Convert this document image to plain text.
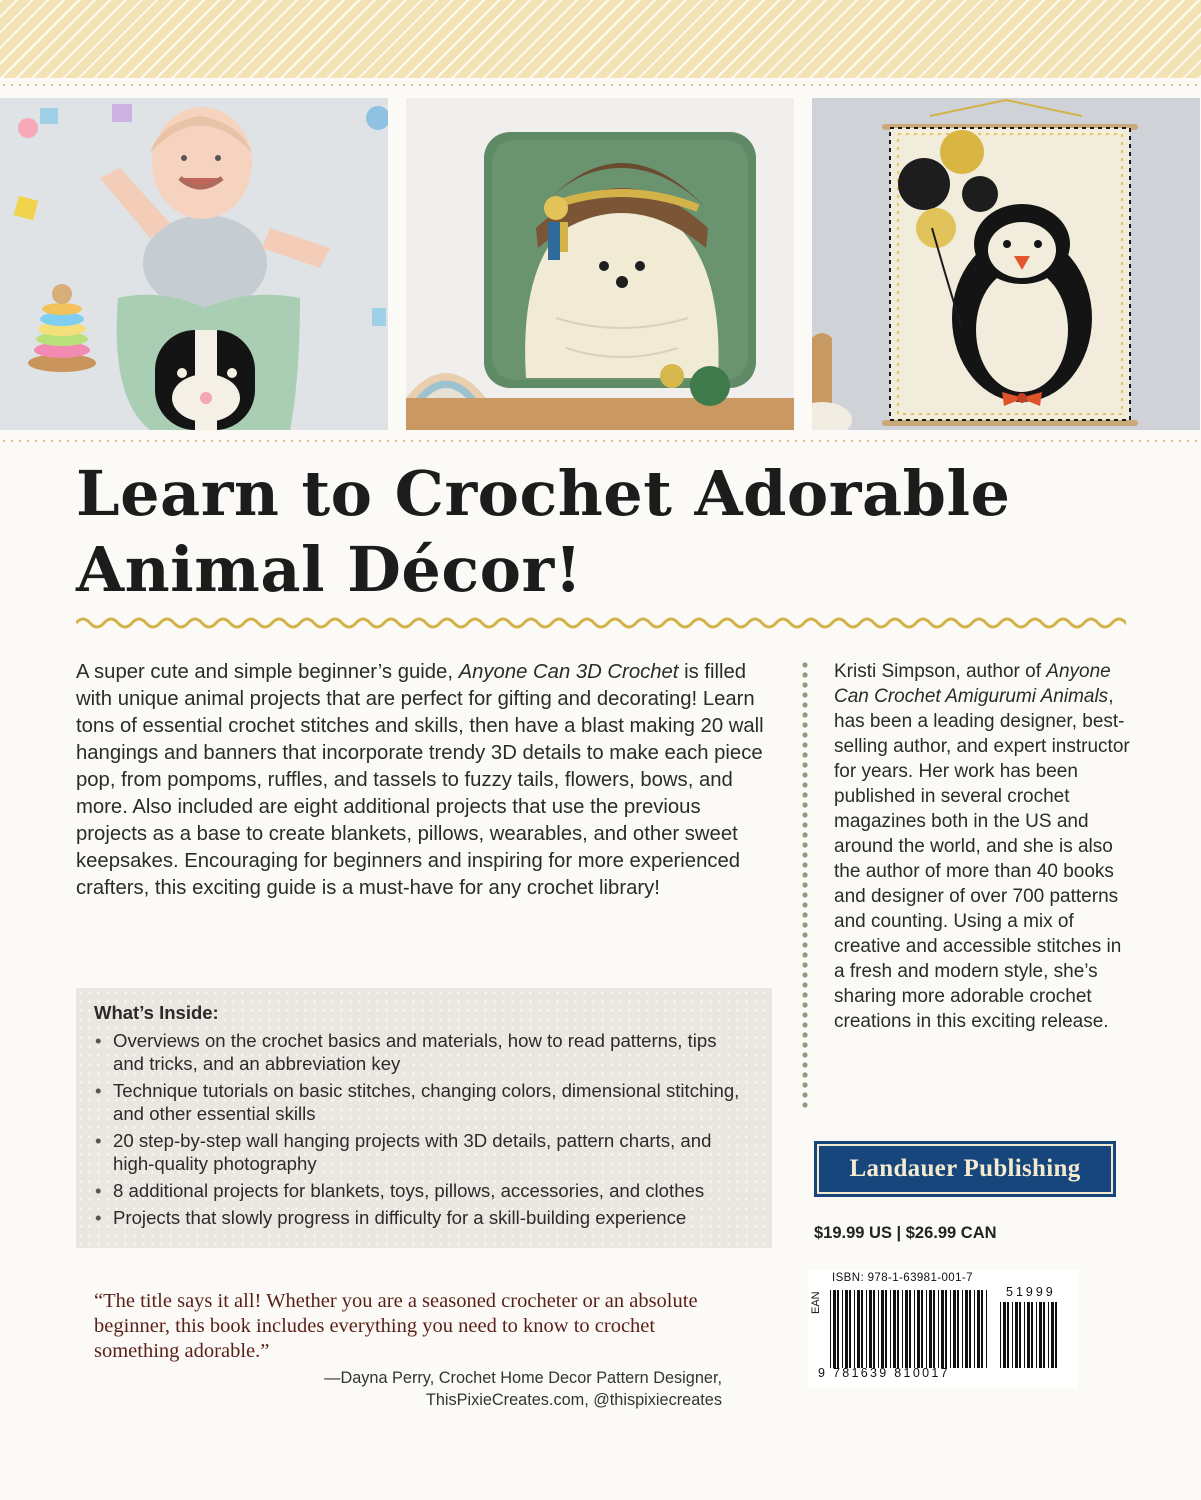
Learn to Crochet Adorable
Animal Décor!

A super cute and simple beginner’s guide, Anyone Can 3D Crochet is filled with unique animal projects that are perfect for gifting and decorating! Learn tons of essential crochet stitches and skills, then have a blast making 20 wall hangings and banners that incorporate trendy 3D details to make each piece pop, from pompoms, ruffles, and tassels to fuzzy tails, flowers, bows, and more. Also included are eight additional projects that use the previous projects as a base to create blankets, pillows, wearables, and other sweet keepsakes. Encouraging for beginners and inspiring for more experienced crafters, this exciting guide is a must-have for any crochet library!

What’s Inside:

• Overviews on the crochet basics and materials, how to read patterns, tips and tricks, and an abbreviation key
• Technique tutorials on basic stitches, changing colors, dimensional stitching, and other essential skills
• 20 step-by-step wall hanging projects with 3D details, pattern charts, and high-quality photography
• 8 additional projects for blankets, toys, pillows, accessories, and clothes
• Projects that slowly progress in difficulty for a skill-building experience

“The title says it all! Whether you are a seasoned crocheter or an absolute beginner, this book includes everything you need to know to crochet something adorable.”

—Dayna Perry, Crochet Home Decor Pattern Designer,
ThisPixieCreates.com, @thispixiecreates
Kristi Simpson, author of Anyone Can Crochet Amigurumi Animals, has been a leading designer, best-selling author, and expert instructor for years. Her work has been published in several crochet magazines both in the US and around the world, and she is also the author of more than 40 books and designer of over 700 patterns and counting. Using a mix of creative and accessible stitches in a fresh and modern style, she’s sharing more adorable crochet creations in this exciting release.
Landauer Publishing
$19.99 US | $26.99 CAN
ISBN: 978-1-63981-001-7
EAN	51999
9 781639 810017
